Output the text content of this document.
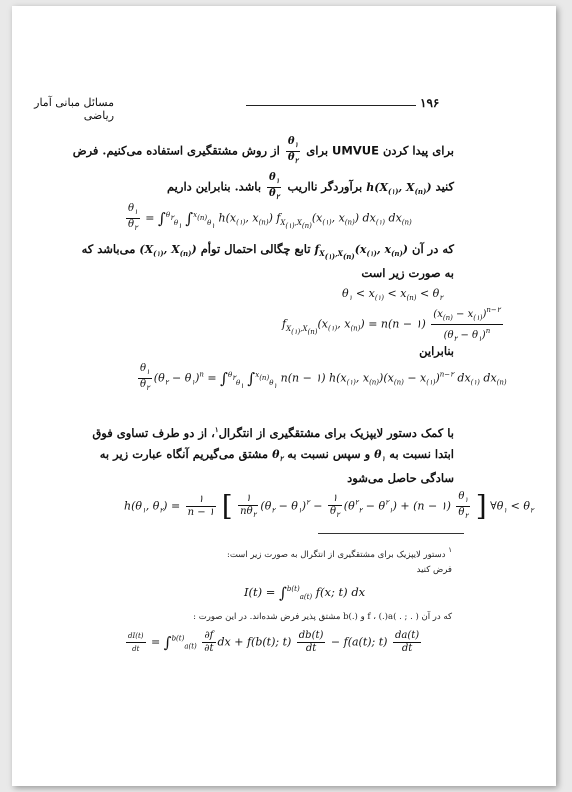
۱۹۶
مسائل مبانی آمار ریاضی
برای پیدا کردن UMVUE برای
$\frac{\theta_۱}{\theta_۲}$
از روش مشتقگیری استفاده می‌کنیم. فرض
کنید $h(X_{(۱)}$, $X_{(n)}$) برآوردگر نااریب
$\frac{\theta_۱}{\theta_۲}$
باشد. بنابراین داریم
$\frac{\theta_۱}{\theta_۲} = \int^{\theta_۲}_{\theta_۱}$ ∫$^{x_{(n)}}_{\theta_۱}$ $h(x_{(۱)}$, $x_{(n)}$) $f_{X_{(۱)},X_{(n)}}(x_{(۱)}$, $x_{(n)}$) $dx_{(۱)}$ $dx_{(n)}$
که در آن $f_{X_{(۱)},X_{(n)}}(x_{(۱)}$, $x_{(n)}$) تابع چگالی احتمال توأم ($X_{(۱)}$, $X_{(n)}$) می‌باشد که
به صورت زیر است
$\theta_۱ < x_{(۱)} < x_{(n)} < \theta_۲$
$f_{X_{(۱)},X_{(n)}}(x_{(۱)}$, $x_{(n)}) = n(n$ − ۱) $\frac{(x_{(n)} - x_{(۱)})^{n-۲}}{(\theta_۲ - \theta_۱)^n}$
بنابراین
$\frac{\theta_۱}{\theta_۲} (\theta_۲ - \theta_۱)^n = \int^{\theta_۲}_{\theta_۱}$ ∫$^{x_{(n)}}_{\theta_۱}$ n(n − ۱) $h(x_{(۱)}$, $x_{(n)})(x_{(n)} - x_{(۱)})^{n-۲}$ $dx_{(۱)}$ $dx_{(n)}$
با کمک دستور لایپزیک برای مشتقگیری از انتگرال$^۱$، از دو طرف تساوی فوق
ابتدا نسبت به $\theta_۱$ و سپس نسبت به $\theta_۲$ مشتق می‌گیریم آنگاه عبارت زیر به
سادگی حاصل می‌شود
$h(\theta_۱$, $\theta_۲) = \frac{۱}{n - ۱}$ [ $\frac{۱}{n\theta_۲} (\theta_۲ - \theta_۱)^۲ - \frac{۱}{\theta_۲} (\theta^۲_۲ - \theta^۲_۱) + (n$ − ۱) $\frac{\theta_۱}{\theta_۲}$ ] $\forall\theta_۱ < \theta_۲$
$^۱$ دستور لایپزیک برای مشتقگیری از انتگرال به صورت زیر است:
فرض کنید
I(t) = ∫$^{b(t)}_{a(t)}$ f(x; t) dx
که در آن ( . ; . )f ، (.)a و (.)b مشتق پذیر فرض شده‌اند. در این صورت :
$\frac{dI(t)}{dt} = \int^{b(t)}_{a(t)} \frac{\partial f}{\partial t}$ dx + f(b(t); $t) \frac{db(t)}{dt} - f(a(t)$; $t) \frac{da(t)}{dt}$
